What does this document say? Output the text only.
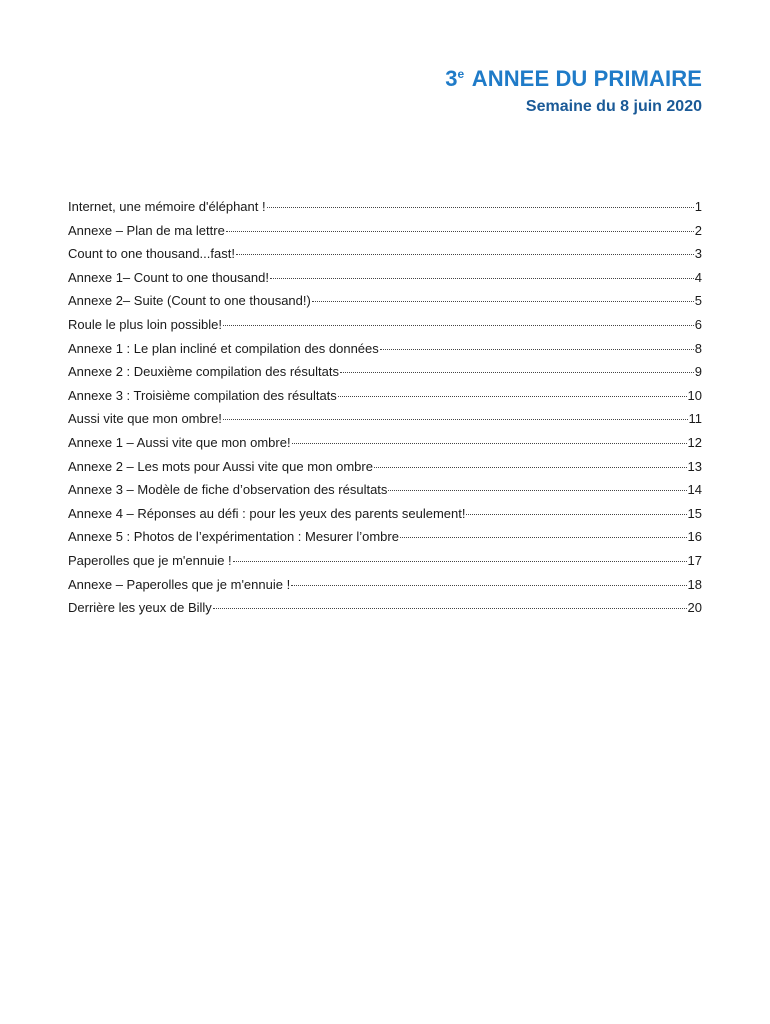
3e ANNEE DU PRIMAIRE
Semaine du 8 juin 2020
Internet, une mémoire d'éléphant !	1
Annexe – Plan de ma lettre	2
Count to one thousand...fast!	3
Annexe 1– Count to one thousand!	4
Annexe 2– Suite (Count to one thousand!)	5
Roule le plus loin possible!	6
Annexe 1 : Le plan incliné et compilation des données	8
Annexe 2 : Deuxième compilation des résultats	9
Annexe 3 : Troisième compilation des résultats	10
Aussi vite que mon ombre!	11
Annexe 1 – Aussi vite que mon ombre!	12
Annexe 2 – Les mots pour Aussi vite que mon ombre	13
Annexe 3 – Modèle de fiche d’observation des résultats	14
Annexe 4 – Réponses au défi : pour les yeux des parents seulement!	15
Annexe 5 : Photos de l’expérimentation : Mesurer l’ombre	16
Paperolles que je m'ennuie !	17
Annexe – Paperolles que je m'ennuie !	18
Derrière les yeux de Billy	20
